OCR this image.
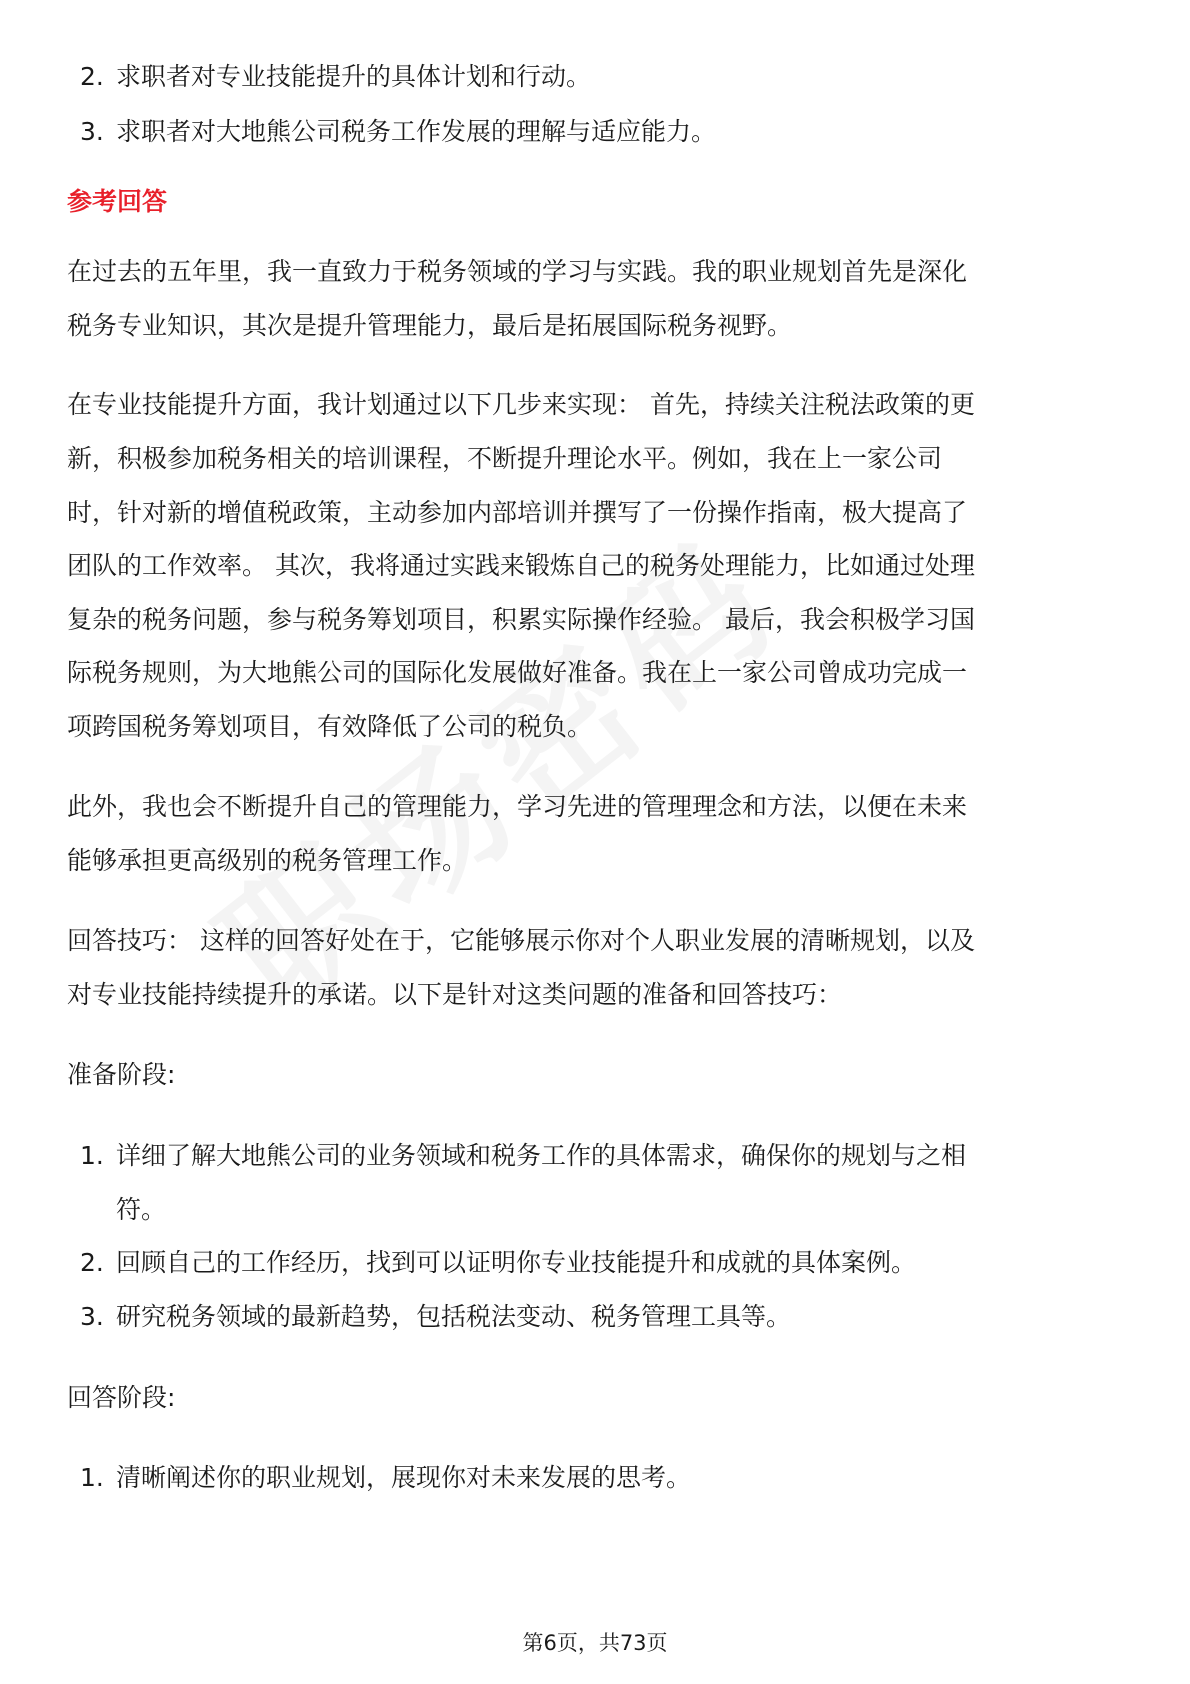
2. 求职者对专业技能提升的具体计划和行动。
3. 求职者对大地熊公司税务工作发展的理解与适应能力。
参考回答
在过去的五年里，我一直致力于税务领域的学习与实践。我的职业规划首先是深化
税务专业知识，其次是提升管理能力，最后是拓展国际税务视野。
在专业技能提升方面，我计划通过以下几步来实现： 首先，持续关注税法政策的更
新，积极参加税务相关的培训课程，不断提升理论水平。例如，我在上一家公司
时，针对新的增值税政策，主动参加内部培训并撰写了一份操作指南，极大提高了
团队的工作效率。 其次，我将通过实践来锻炼自己的税务处理能力，比如通过处理
复杂的税务问题，参与税务筹划项目，积累实际操作经验。 最后，我会积极学习国
际税务规则，为大地熊公司的国际化发展做好准备。我在上一家公司曾成功完成一
项跨国税务筹划项目，有效降低了公司的税负。
此外，我也会不断提升自己的管理能力，学习先进的管理理念和方法，以便在未来
能够承担更高级别的税务管理工作。
回答技巧： 这样的回答好处在于，它能够展示你对个人职业发展的清晰规划，以及
对专业技能持续提升的承诺。以下是针对这类问题的准备和回答技巧：
准备阶段:
1. 详细了解大地熊公司的业务领域和税务工作的具体需求，确保你的规划与之相
符。
2. 回顾自己的工作经历，找到可以证明你专业技能提升和成就的具体案例。
3. 研究税务领域的最新趋势，包括税法变动、税务管理工具等。
回答阶段:
1. 清晰阐述你的职业规划，展现你对未来发展的思考。
第6页，共73页
